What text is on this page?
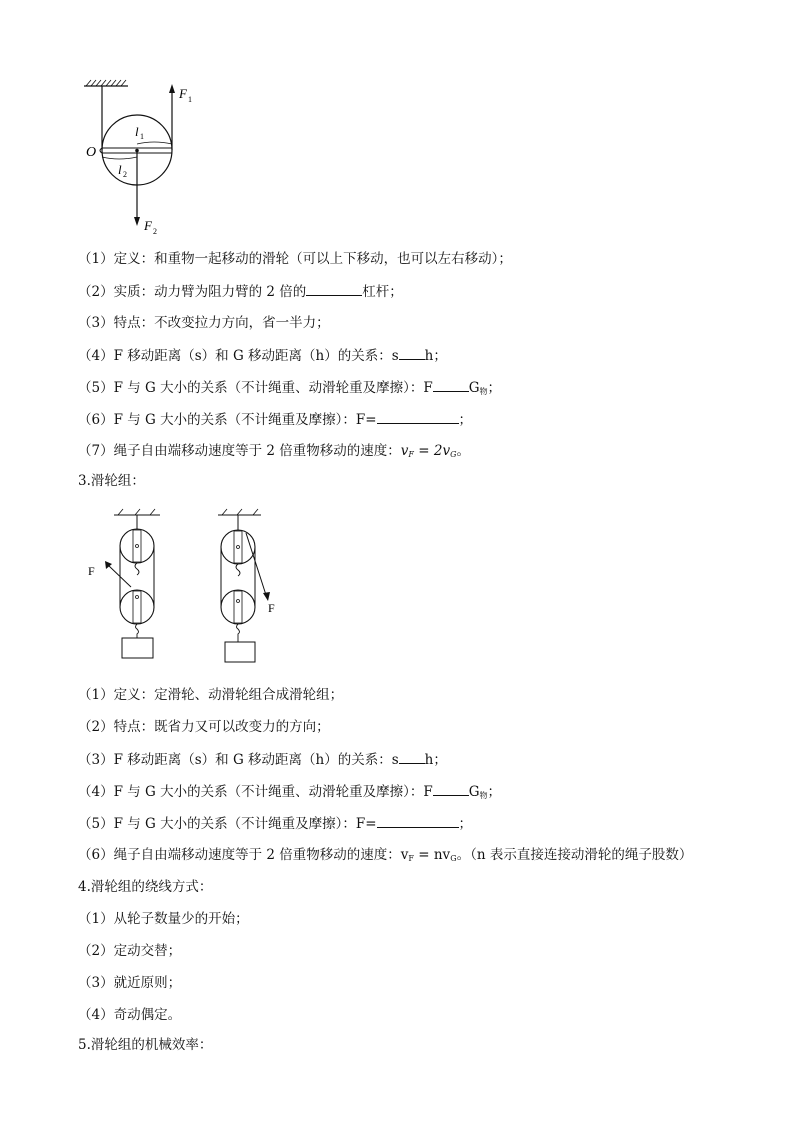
O
F 1
l 1
l 2
F 2
（1）定义：和重物一起移动的滑轮（可以上下移动，也可以左右移动）；
（2）实质：动力臂为阻力臂的 2 倍的	杠杆；
（3）特点：不改变拉力方向，省一半力；
（4）F 移动距离（s）和 G 移动距离（h）的关系：s h；
（5）F 与 G 大小的关系（不计绳重、动滑轮重及摩擦）：F	$G_物$；
（6）F 与 G 大小的关系（不计绳重及摩擦）：F=	；
（7）绳子自由端移动速度等于 2 倍重物移动的速度：$v_F = 2v_G$。
3.滑轮组：
F
F
（1）定义：定滑轮、动滑轮组合成滑轮组；
（2）特点：既省力又可以改变力的方向；
（3）F 移动距离（s）和 G 移动距离（h）的关系：s h；
（4）F 与 G 大小的关系（不计绳重、动滑轮重及摩擦）：F	$G_物$；
（5）F 与 G 大小的关系（不计绳重及摩擦）：F=	；
（6）绳子自由端移动速度等于 2 倍重物移动的速度：$v_F = nv_G$。（n 表示直接连接动滑轮的绳子股数）
4.滑轮组的绕线方式：
（1）从轮子数量少的开始；
（2）定动交替；
（3）就近原则；
（4）奇动偶定。
5.滑轮组的机械效率：
